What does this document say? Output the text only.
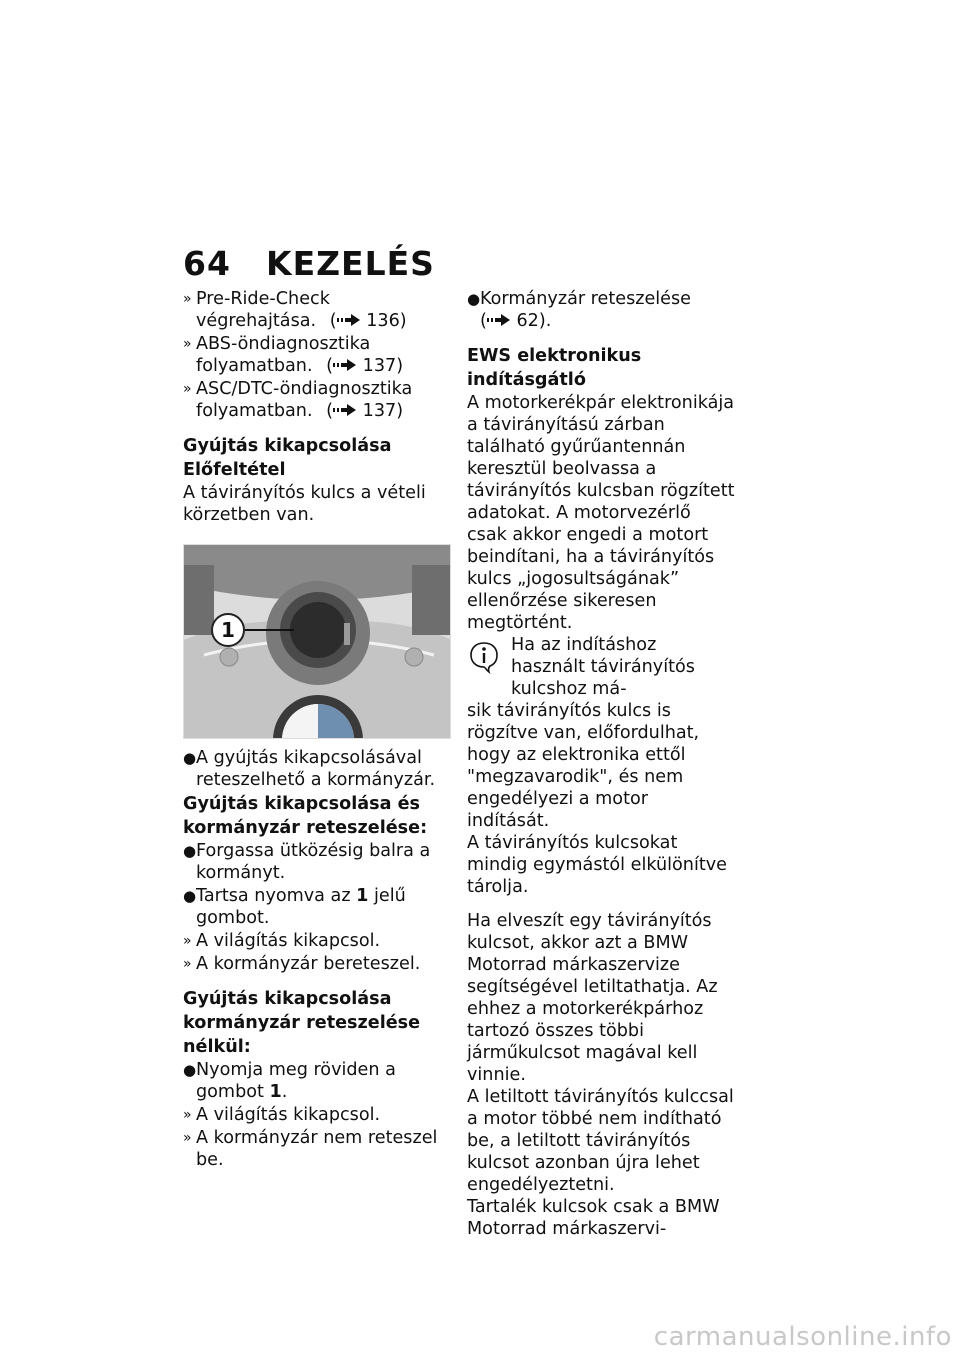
64 KEZELÉS
» Pre-Ride-Check végrehajtása. ( 136)
» ABS-öndiagnosztika folyamatban. ( 137)
» ASC/DTC-öndiagnosztika folyamatban. ( 137)
Gyújtás kikapcsolása
Előfeltétel

A távirányítós kulcs a vételi körzetben van.

1
● A gyújtás kikapcsolásával reteszelhető a kormányzár.
Gyújtás kikapcsolása és kormányzár reteszelése:
● Forgassa ütközésig balra a kormányt.
● Tartsa nyomva az 1 jelű gombot.
» A világítás kikapcsol.
» A kormányzár bereteszel.
Gyújtás kikapcsolása kormányzár reteszelése nélkül:
● Nyomja meg röviden a gombot 1.
» A világítás kikapcsol.
» A kormányzár nem reteszel be.
● Kormányzár reteszelése ( 62).
EWS elektronikus indításgátló

A motorkerékpár elektronikája a távirányítású zárban található gyűrűantennán keresztül beolvassa a távirányítós kulcsban rögzített adatokat. A motorvezérlő csak akkor engedi a motort beindítani, ha a távirányítós kulcs „jogosultságának” ellenőrzése sikeresen megtörtént.

Ha az indításhoz használt távirányítós kulcshoz má-
sik távirányítós kulcs is rögzítve van, előfordulhat, hogy az elektronika ettől "megzavarodik", és nem engedélyezi a motor indítását.

A távirányítós kulcsokat mindig egymástól elkülönítve tárolja.

Ha elveszít egy távirányítós kulcsot, akkor azt a BMW Motorrad márkaszervize segítségével letiltathatja. Az ehhez a motorkerékpárhoz tartozó összes többi járműkulcsot magával kell vinnie.

A letiltott távirányítós kulccsal a motor többé nem indítható be, a letiltott távirányítós kulcsot azonban újra lehet engedélyeztetni.

Tartalék kulcsok csak a BMW Motorrad márkaszervi-

carmanualsonline.info
